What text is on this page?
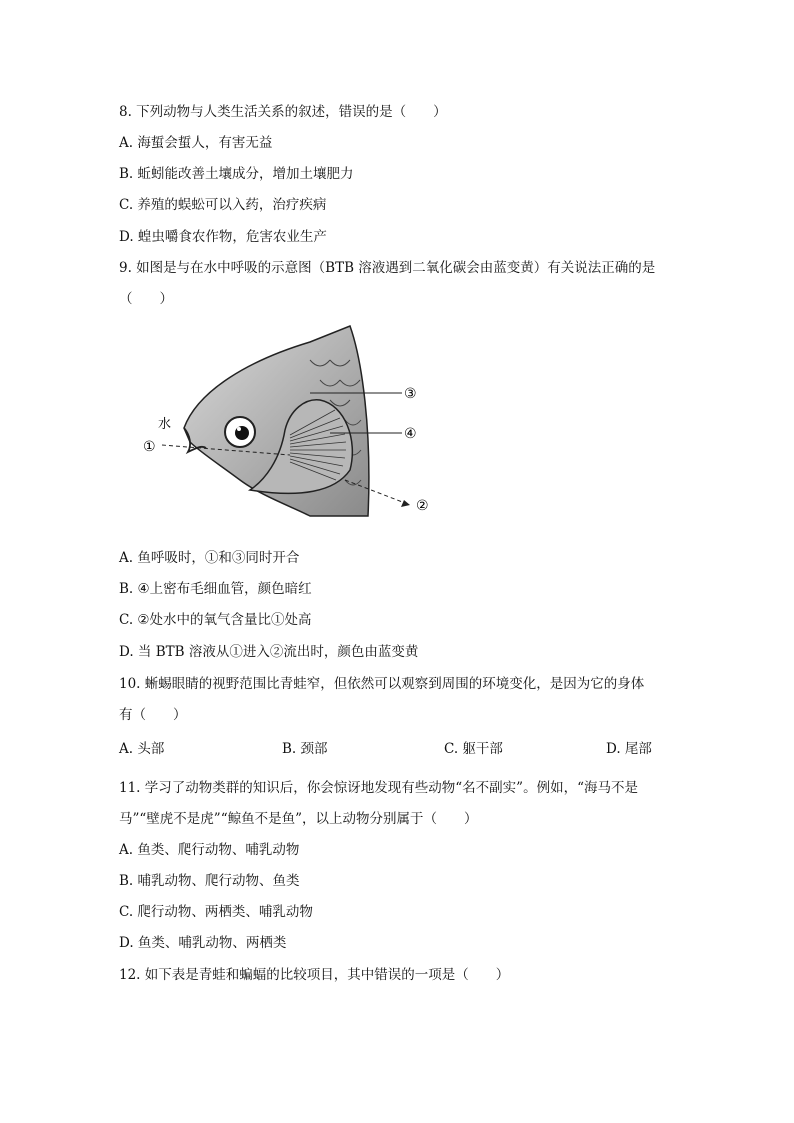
8. 下列动物与人类生活关系的叙述，错误的是（　　）
A. 海蜇会蜇人，有害无益
B. 蚯蚓能改善土壤成分，增加土壤肥力
C. 养殖的蜈蚣可以入药，治疗疾病
D. 蝗虫嚼食农作物，危害农业生产
9. 如图是与在水中呼吸的示意图（BTB 溶液遇到二氧化碳会由蓝变黄）有关说法正确的是
（　　）
水
①
③
④
②
A. 鱼呼吸时，①和③同时开合
B. ④上密布毛细血管，颜色暗红
C. ②处水中的氧气含量比①处高
D. 当 BTB 溶液从①进入②流出时，颜色由蓝变黄
10. 蜥蜴眼睛的视野范围比青蛙窄，但依然可以观察到周围的环境变化，是因为它的身体
有（　　）
A. 头部	B. 颈部	C. 躯干部	D. 尾部
11. 学习了动物类群的知识后，你会惊讶地发现有些动物“名不副实”。例如，“海马不是
马”“壁虎不是虎”“鲸鱼不是鱼”，以上动物分别属于（　　）
A. 鱼类、爬行动物、哺乳动物
B. 哺乳动物、爬行动物、鱼类
C. 爬行动物、两栖类、哺乳动物
D. 鱼类、哺乳动物、两栖类
12. 如下表是青蛙和蝙蝠的比较项目，其中错误的一项是（　　）
